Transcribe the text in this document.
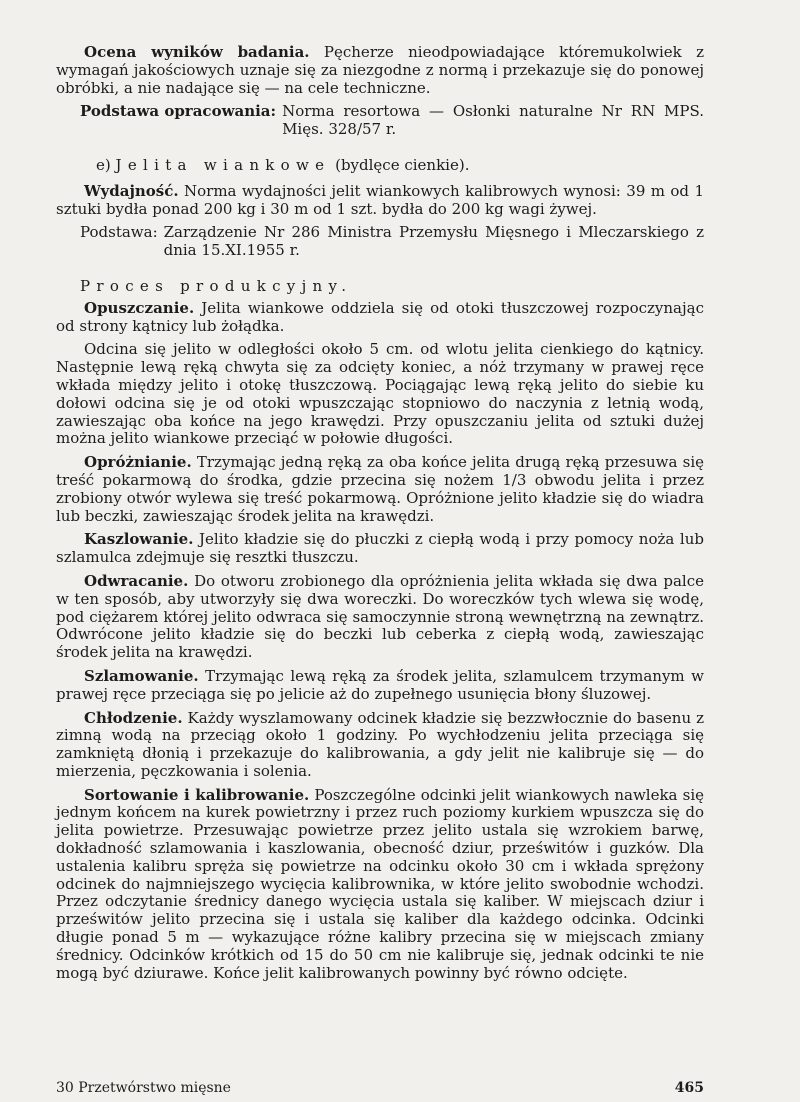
Ocena wyników badania. Pęcherze nieodpowiadające któremukolwiek z wymagań jakościowych uznaje się za niezgodne z normą i przekazuje się do ponowej obróbki, a nie nadające się — na cele techniczne.

Podstawa opracowania: Norma resortowa — Osłonki naturalne Nr RN MPS. Mięs. 328/57 r.

e) Jelita wiankowe (bydlęce cienkie).

Wydajność. Norma wydajności jelit wiankowych kalibrowych wynosi: 39 m od 1 sztuki bydła ponad 200 kg i 30 m od 1 szt. bydła do 200 kg wagi żywej.

Podstawa: Zarządzenie Nr 286 Ministra Przemysłu Mięsnego i Mleczarskiego z dnia 15.XI.1955 r.

Proces produkcyjny.

Opuszczanie. Jelita wiankowe oddziela się od otoki tłuszczowej rozpoczynając od strony kątnicy lub żołądka.

Odcina się jelito w odległości około 5 cm. od wlotu jelita cienkiego do kątnicy. Następnie lewą ręką chwyta się za odcięty koniec, a nóż trzymany w prawej ręce wkłada między jelito i otokę tłuszczową. Pociągając lewą ręką jelito do siebie ku dołowi odcina się je od otoki wpuszczając stopniowo do naczynia z letnią wodą, zawieszając oba końce na jego krawędzi. Przy opuszczaniu jelita od sztuki dużej można jelito wiankowe przeciąć w połowie długości.

Opróżnianie. Trzymając jedną ręką za oba końce jelita drugą ręką przesuwa się treść pokarmową do środka, gdzie przecina się nożem 1/3 obwodu jelita i przez zrobiony otwór wylewa się treść pokarmową. Opróżnione jelito kładzie się do wiadra lub beczki, zawieszając środek jelita na krawędzi.

Kaszlowanie. Jelito kładzie się do płuczki z ciepłą wodą i przy pomocy noża lub szlamulca zdejmuje się resztki tłuszczu.

Odwracanie. Do otworu zrobionego dla opróżnienia jelita wkłada się dwa palce w ten sposób, aby utworzyły się dwa woreczki. Do woreczków tych wlewa się wodę, pod ciężarem której jelito odwraca się samoczynnie stroną wewnętrzną na zewnątrz. Odwrócone jelito kładzie się do beczki lub ceberka z ciepłą wodą, zawieszając środek jelita na krawędzi.

Szlamowanie. Trzymając lewą ręką za środek jelita, szlamulcem trzymanym w prawej ręce przeciąga się po jelicie aż do zupełnego usunięcia błony śluzowej.

Chłodzenie. Każdy wyszlamowany odcinek kładzie się bezzwłocznie do basenu z zimną wodą na przeciąg około 1 godziny. Po wychłodzeniu jelita przeciąga się zamkniętą dłonią i przekazuje do kalibrowania, a gdy jelit nie kalibruje się — do mierzenia, pęczkowania i solenia.

Sortowanie i kalibrowanie. Poszczególne odcinki jelit wiankowych nawleka się jednym końcem na kurek powietrzny i przez ruch poziomy kurkiem wpuszcza się do jelita powietrze. Przesuwając powietrze przez jelito ustala się wzrokiem barwę, dokładność szlamowania i kaszlowania, obecność dziur, prześwitów i guzków. Dla ustalenia kalibru spręża się powietrze na odcinku około 30 cm i wkłada sprężony odcinek do najmniejszego wycięcia kalibrownika, w które jelito swobodnie wchodzi. Przez odczytanie średnicy danego wycięcia ustala się kaliber. W miejscach dziur i prześwitów jelito przecina się i ustala się kaliber dla każdego odcinka. Odcinki długie ponad 5 m — wykazujące różne kalibry przecina się w miejscach zmiany średnicy. Odcinków krótkich od 15 do 50 cm nie kalibruje się, jednak odcinki te nie mogą być dziurawe. Końce jelit kalibrowanych powinny być równo odcięte.

30 Przetwórstwo mięsne	465
